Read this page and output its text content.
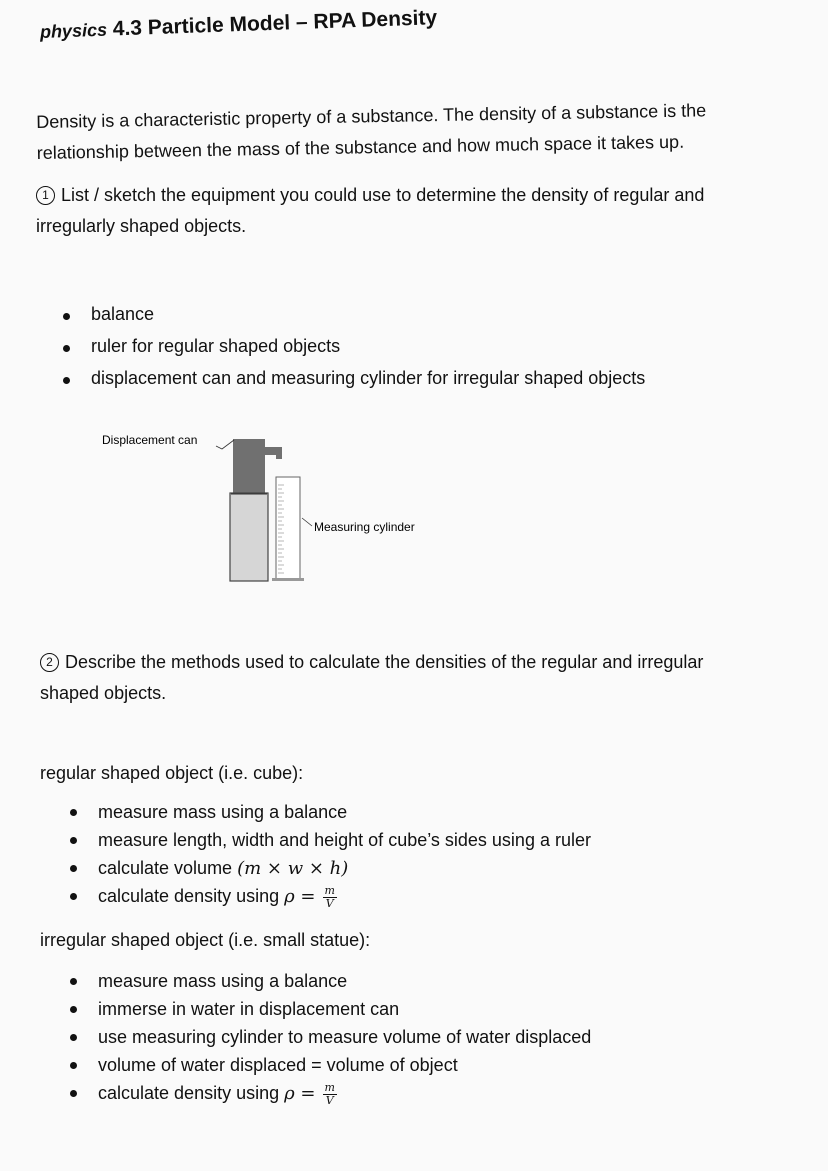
physics 4.3 Particle Model – RPA Density
Density is a characteristic property of a substance. The density of a substance is the
relationship between the mass of the substance and how much space it takes up.
1 List / sketch the equipment you could use to determine the density of regular and
irregularly shaped objects.
balance
ruler for regular shaped objects
displacement can and measuring cylinder for irregular shaped objects
Displacement can
Measuring cylinder
2 Describe the methods used to calculate the densities of the regular and irregular
shaped objects.
regular shaped object (i.e. cube):
measure mass using a balance
measure length, width and height of cube’s sides using a ruler
calculate volume (m × w × h)
calculate density using $\rho = \frac{m}{V}$
irregular shaped object (i.e. small statue):
measure mass using a balance
immerse in water in displacement can
use measuring cylinder to measure volume of water displaced
volume of water displaced = volume of object
calculate density using $\rho = \frac{m}{V}$
